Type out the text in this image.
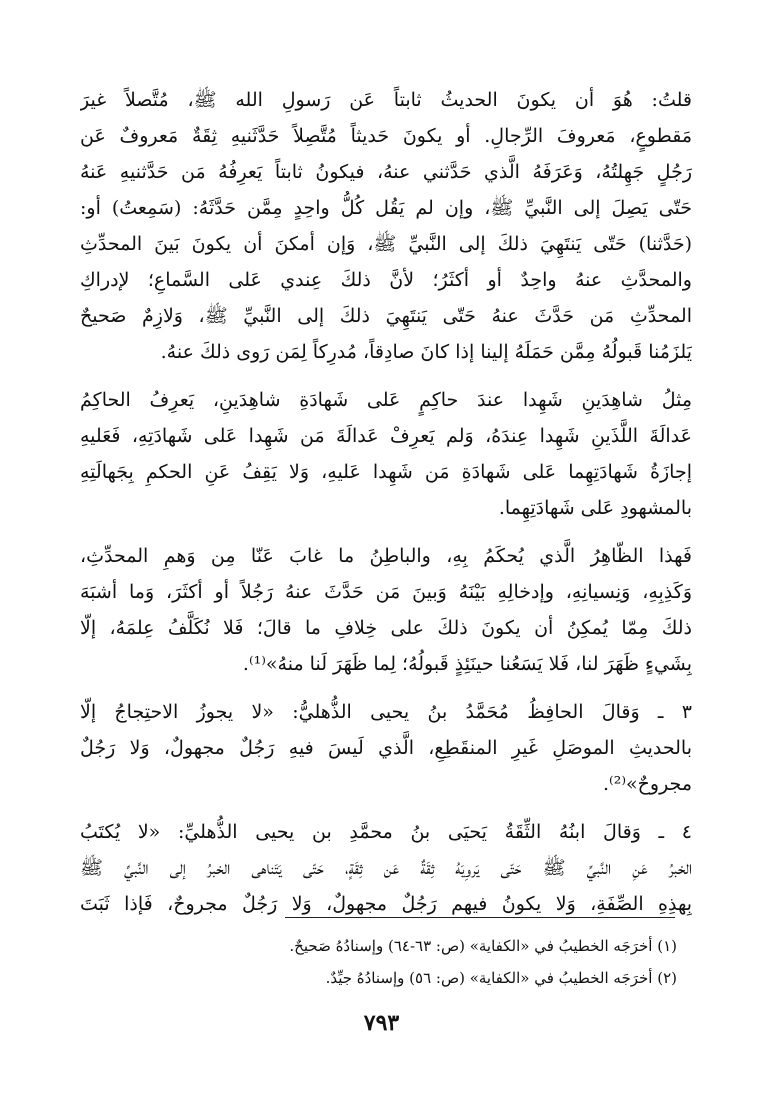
قلتُ: هُوَ أن يكونَ الحديثُ ثابتاً عَن رَسولِ الله ﷺ، مُتَّصلاً غيرَ
مَقطوعٍ، مَعروفَ الرِّجالِ. أو يكونَ حَديثاً مُتَّصِلاً حَدَّثَنيهِ ثِقَةٌ مَعروفٌ عَن
رَجُلٍ جَهِلتُهُ، وَعَرَفَهُ الَّذي حَدَّثني عنهُ، فيكونُ ثابتاً يَعرِفُهُ مَن حَدَّثنيهِ عَنهُ
حَتّى يَصِلَ إلى النَّبيِّ ﷺ، وإن لم يَقُل كُلُّ واحِدٍ مِمَّن حَدَّثَهُ: (سَمِعتُ) أو:
(حَدَّثنا) حَتّى يَنتَهِيَ ذلكَ إلى النَّبيِّ ﷺ، وَإن أمكنَ أن يكونَ بَينَ المحدِّثِ
والمحدَّثِ عنهُ واحِدٌ أو أكثَرُ؛ لأنَّ ذلكَ عِندي عَلى السَّماعِ؛ لإدراكِ
المحدِّثِ مَن حَدَّثَ عنهُ حَتّى يَنتَهِيَ ذلكَ إلى النَّبيِّ ﷺ، وَلازِمٌ صَحيحٌ
يَلزَمُنا قَبولُهُ مِمَّن حَمَلَهُ إلينا إذا كانَ صادِقاً، مُدرِكاً لِمَن رَوى ذلكَ عنهُ.
مِثلُ شاهِدَينِ شَهِدا عندَ حاكِمٍ عَلى شَهادَةِ شاهِدَينِ، يَعرِفُ الحاكِمُ
عَدالَةَ اللَّذَينِ شَهِدا عِندَهُ، وَلم يَعرِفْ عَدالَةَ مَن شَهِدا عَلى شَهادَتِهِ، فَعَليهِ
إجازَةُ شَهادَتِهِما عَلى شَهادَةِ مَن شَهِدا عَليهِ، وَلا يَقِفُ عَنِ الحكمِ بِجَهالَتِهِ
بالمشهودِ عَلى شَهادَتِهِما.
فَهذا الظّاهِرُ الَّذي يُحكَمُ بِهِ، والباطِنُ ما غابَ عَنّا مِن وَهمِ المحدِّثِ،
وَكَذِبِهِ، وَنِسيانِهِ، وإدخالِهِ بَيْنَهُ وَبينَ مَن حَدَّثَ عنهُ رَجُلاً أو أكثَرَ، وَما أشبَهَ
ذلكَ مِمّا يُمكِنُ أن يكونَ ذلكَ على خِلافِ ما قالَ؛ فَلا نُكَلَّفُ عِلمَهُ، إلّا
بِشَيءٍ ظَهَرَ لنا، فَلا يَسَعُنا حينَئِذٍ قَبولُهُ؛ لِما ظَهَرَ لَنا منهُ»⁽¹⁾.
٣ ـ وَقالَ الحافِظُ مُحَمَّدُ بنُ يحيى الذُّهليُّ: «لا يجوزُ الاحتِجاجُ إلّا
بالحديثِ الموصَلِ غَيرِ المنقَطِعِ، الَّذي لَيسَ فيهِ رَجُلٌ مجهولٌ، وَلا رَجُلٌ
مجروحٌ»⁽²⁾.
٤ ـ وَقالَ ابنُهُ الثِّقَةُ يَحيَى بنُ محمَّدِ بن يحيى الذُّهليِّ: «لا يُكتَبُ
الخبرُ عَنِ النَّبيِّ ﷺ حَتّى يَروِيَهُ ثِقَةٌ عَن ثِقَةٍ، حَتّى يَتَناهى الخبرُ إلى النَّبيِّ ﷺ
بِهذِهِ الصِّفَةِ، وَلا يكونُ فيهم رَجُلٌ مجهولٌ، وَلا رَجُلٌ مجروحٌ، فَإذا ثَبَتَ
(١) أخرَجَه الخطيبُ في «الكفاية» (ص: ٦٣-٦٤) وإسنادُهُ صَحيحٌ.
(٢) أخرَجَه الخطيبُ في «الكفاية» (ص: ٥٦) وإسنادُهُ جيِّدٌ.
٧٩٣
